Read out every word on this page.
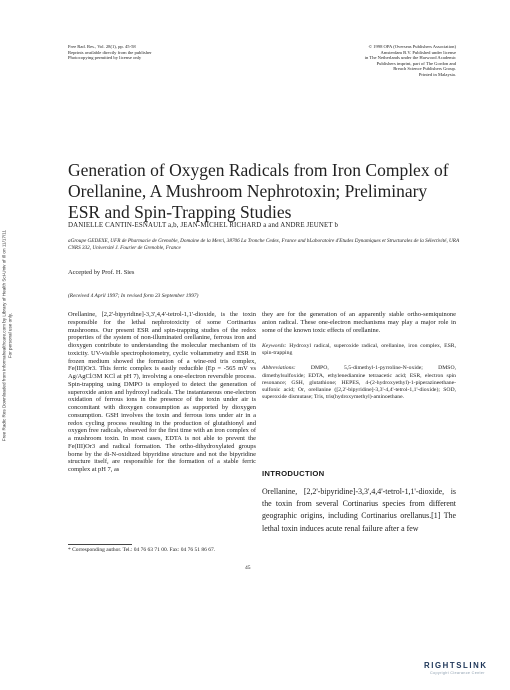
Free Radic Res Downloaded from informahealthcare.com by Library of Health Sci-Univ of Ill on 11/17/11 For personal use only.
Free Rad. Res., Vol. 28(1), pp. 45-58
Reprints available directly from the publisher
Photocopying permitted by license only
© 1998 OPA (Overseas Publishers Association)
Amsterdam B.V. Published under license
in The Netherlands under the Harwood Academic
Publishers imprint, part of The Gordon and
Breach Science Publishers Group.
Printed in Malaysia.
Generation of Oxygen Radicals from Iron Complex of Orellanine, A Mushroom Nephrotoxin; Preliminary ESR and Spin-Trapping Studies
DANIELLE CANTIN-ESNAULT a,b, JEAN-MICHEL RICHARD a and ANDRE JEUNET b
aGroupe GEDEXE, UFR de Pharmacie de Grenoble, Domaine de la Merci, 38706 La Tronche Cedex, France and bLaboratoire d'Etudes Dynamiques et Structurales de la Sélectivité, URA CNRS 332, Université J. Fourier de Grenoble, France
Accepted by Prof. H. Sies
(Received 4 April 1997; In revised form 23 September 1997)

Orellanine, [2,2'-bipyridine]-3,3',4,4'-tetrol-1,1'-dioxide, is the toxin responsible for the lethal nephrotoxicity of some Cortinarius mushrooms. Our present ESR and spin-trapping studies of the redox properties of the system of non-illuminated orellanine, ferrous iron and dioxygen contribute to understanding the molecular mechanism of its toxicity. UV-visible spectrophotometry, cyclic voltammetry and ESR in frozen medium showed the formation of a wine-red tris complex, Fe(III)Or3. This ferric complex is easily reducible (Ep = -565 mV vs Ag/AgCl/3M KCl at pH 7), involving a one-electron reversible process. Spin-trapping using DMPO is employed to detect the generation of superoxide anion and hydroxyl radicals. The instantaneous one-electron oxidation of ferrous ions in the presence of the toxin under air is concomitant with dioxygen consumption as supported by dioxygen consumption. GSH involves the toxin and ferrous ions under air in a redox cycling process resulting in the production of glutathionyl and oxygen free radicals, observed for the first time with an iron complex of a mushroom toxin. In most cases, EDTA is not able to prevent the Fe(III)Or3 and radical formation. The ortho-dihydroxylated groups borne by the di-N-oxidized bipyridine structure and not the bipyridine structure itself, are responsible for the formation of a stable ferric complex at pH 7, as

they are for the generation of an apparently stable ortho-semiquinone anion radical. These one-electron mechanisms may play a major role in some of the known toxic effects of orellanine.

Keywords: Hydroxyl radical, superoxide radical, orellanine, iron complex, ESR, spin-trapping

Abbreviations:	DMPO, 5,5-dimethyl-1-pyrroline-N-oxide; DMSO, dimethylsulfoxide; EDTA, ethylenediamine tetraacetic acid; ESR, electron spin resonance; GSH, glutathione; HEPES, 4-(2-hydroxyethyl)-1-piperazineethane-sulfonic acid; Or, orellanine ([2,2'-bipyridine]-3,3'-4,4'-tetrol-1,1'-dioxide); SOD, superoxide dismutase; Tris, tris(hydroxymethyl)-aminoethane.

INTRODUCTION
Orellanine, [2,2'-bipyridine]-3,3',4,4'-tetrol-1,1'-dioxide, is the toxin from several Cortinarius species from different geographic origins, including Cortinarius orellanus.[1] The lethal toxin induces acute renal failure after a few
* Corresponding author. Tel.: 04 76 63 71 00. Fax: 04 76 51 86 67.
45
RIGHTSLINK
Copyright Clearance Center
